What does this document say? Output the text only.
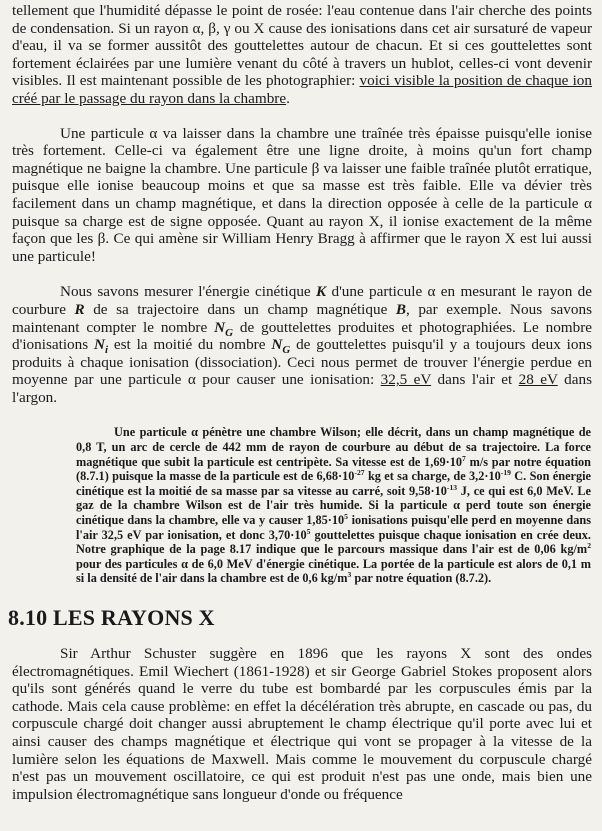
tellement que l'humidité dépasse le point de rosée: l'eau contenue dans l'air cherche des points de condensation. Si un rayon α, β, γ ou X cause des ionisations dans cet air sursaturé de vapeur d'eau, il va se former aussitôt des gouttelettes autour de chacun. Et si ces gouttelettes sont fortement éclairées par une lumière venant du côté à travers un hublot, celles-ci vont devenir visibles. Il est maintenant possible de les photographier: voici visible la position de chaque ion créé par le passage du rayon dans la chambre.

Une particule α va laisser dans la chambre une traînée très épaisse puisqu'elle ionise très fortement. Celle-ci va également être une ligne droite, à moins qu'un fort champ magnétique ne baigne la chambre. Une particule β va laisser une faible traînée plutôt erratique, puisque elle ionise beaucoup moins et que sa masse est très faible. Elle va dévier très facilement dans un champ magnétique, et dans la direction opposée à celle de la particule α puisque sa charge est de signe opposée. Quant au rayon X, il ionise exactement de la même façon que les β. Ce qui amène sir William Henry Bragg à affirmer que le rayon X est lui aussi une particule!

Nous savons mesurer l'énergie cinétique K d'une particule α en mesurant le rayon de courbure R de sa trajectoire dans un champ magnétique B, par exemple. Nous savons maintenant compter le nombre $N_G$ de gouttelettes produites et photographiées. Le nombre d'ionisations $N_i$ est la moitié du nombre $N_G$ de gouttelettes puisqu'il y a toujours deux ions produits à chaque ionisation (dissociation). Ceci nous permet de trouver l'énergie perdue en moyenne par une particule α pour causer une ionisation: 32,5 eV dans l'air et 28 eV dans l'argon.

Une particule α pénètre une chambre Wilson; elle décrit, dans un champ magnétique de 0,8 T, un arc de cercle de 442 mm de rayon de courbure au début de sa trajectoire. La force magnétique que subit la particule est centripète. Sa vitesse est de $1,69\cdot 10^7$ m/s par notre équation (8.7.1) puisque la masse de la particule est de $6,68\cdot 10^{-27}$ kg et sa charge, de $3,2\cdot 10^{-19}$ C. Son énergie cinétique est la moitié de sa masse par sa vitesse au carré, soit $9,58\cdot 10^{-13}$ J, ce qui est 6,0 MeV. Le gaz de la chambre Wilson est de l'air très humide. Si la particule α perd toute son énergie cinétique dans la chambre, elle va y causer $1,85\cdot 10^5$ ionisations puisqu'elle perd en moyenne dans l'air 32,5 eV par ionisation, et donc $3,70\cdot 10^5$ gouttelettes puisque chaque ionisation en crée deux. Notre graphique de la page 8.17 indique que le parcours massique dans l'air est de 0,06 $kg/m^2$ pour des particules α de 6,0 MeV d'énergie cinétique. La portée de la particule est alors de 0,1 m si la densité de l'air dans la chambre est de 0,6 $kg/m^3$ par notre équation (8.7.2).

8.10 LES RAYONS X

Sir Arthur Schuster suggère en 1896 que les rayons X sont des ondes électromagnétiques. Emil Wiechert (1861-1928) et sir George Gabriel Stokes proposent alors qu'ils sont générés quand le verre du tube est bombardé par les corpuscules émis par la cathode. Mais cela cause problème: en effet la décélération très abrupte, en cascade ou pas, du corpuscule chargé doit changer aussi abruptement le champ électrique qu'il porte avec lui et ainsi causer des champs magnétique et électrique qui vont se propager à la vitesse de la lumière selon les équations de Maxwell. Mais comme le mouvement du corpuscule chargé n'est pas un mouvement oscillatoire, ce qui est produit n'est pas une onde, mais bien une impulsion électromagnétique sans longueur d'onde ou fréquence
